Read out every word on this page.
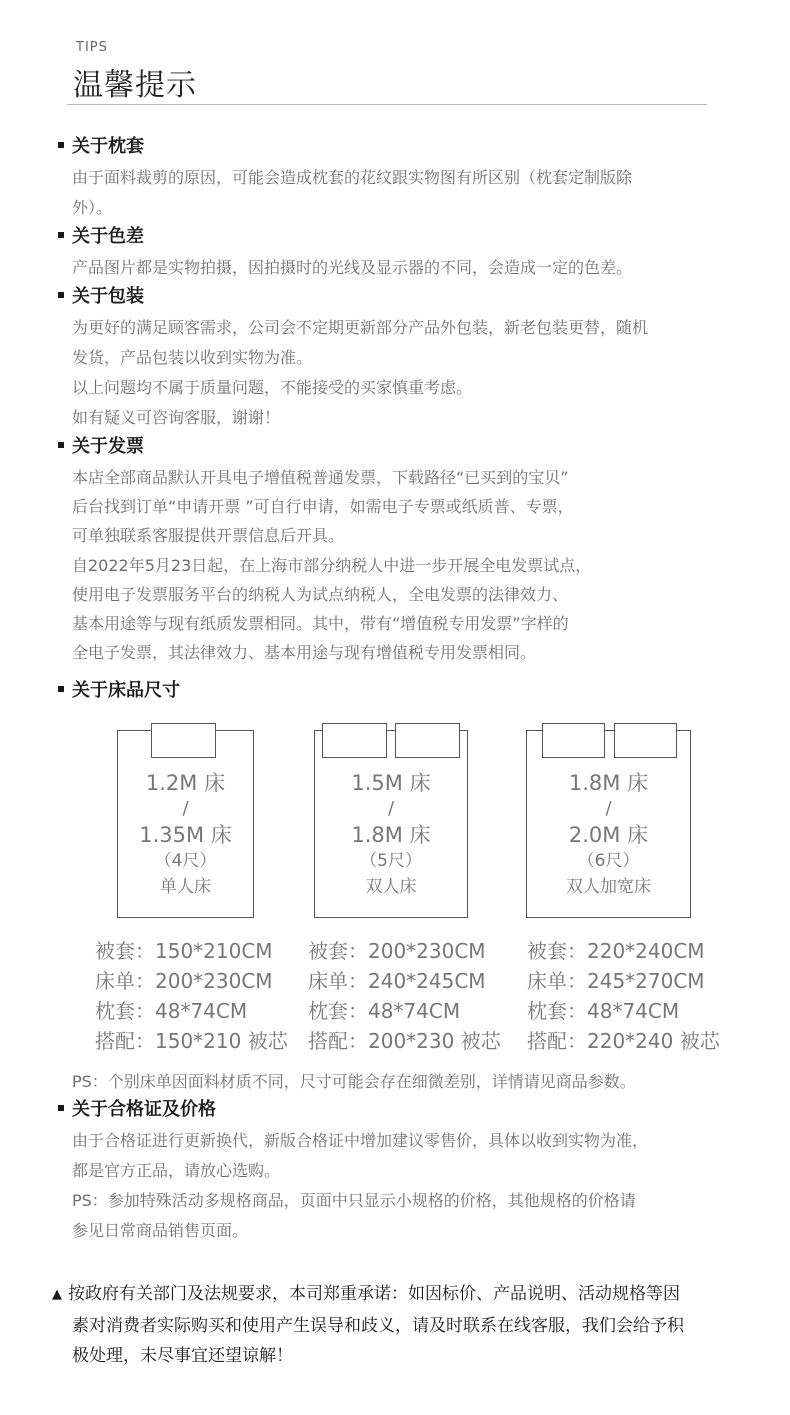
TIPS
温馨提示
关于枕套
由于面料裁剪的原因，可能会造成枕套的花纹跟实物图有所区别（枕套定制版除
外）。
关于色差
产品图片都是实物拍摄，因拍摄时的光线及显示器的不同，会造成一定的色差。
关于包装
为更好的满足顾客需求，公司会不定期更新部分产品外包装，新老包装更替，随机
发货，产品包装以收到实物为准。
以上问题均不属于质量问题，不能接受的买家慎重考虑。
如有疑义可咨询客服，谢谢！
关于发票
本店全部商品默认开具电子增值税普通发票，下载路径“已买到的宝贝”
后台找到订单“申请开票 ”可自行申请，如需电子专票或纸质普、专票，
可单独联系客服提供开票信息后开具。
自2022年5月23日起，在上海市部分纳税人中进一步开展全电发票试点，
使用电子发票服务平台的纳税人为试点纳税人，全电发票的法律效力、
基本用途等与现有纸质发票相同。其中，带有“增值税专用发票”字样的
全电子发票，其法律效力、基本用途与现有增值税专用发票相同。
关于床品尺寸
1.2M 床
/
1.35M 床
（4尺）
单人床
1.5M 床
/
1.8M 床
（5尺）
双人床
1.8M 床
/
2.0M 床
（6尺）
双人加宽床
被套：150*210CM
床单：200*230CM
枕套：48*74CM
搭配：150*210 被芯
被套：200*230CM
床单：240*245CM
枕套：48*74CM
搭配：200*230 被芯
被套：220*240CM
床单：245*270CM
枕套：48*74CM
搭配：220*240 被芯
PS：个别床单因面料材质不同，尺寸可能会存在细微差别，详情请见商品参数。
关于合格证及价格
由于合格证进行更新换代，新版合格证中增加建议零售价，具体以收到实物为准，
都是官方正品，请放心选购。
PS：参加特殊活动多规格商品，页面中只显示小规格的价格，其他规格的价格请
参见日常商品销售页面。
▲ 按政府有关部门及法规要求，本司郑重承诺：如因标价、产品说明、活动规格等因
素对消费者实际购买和使用产生误导和歧义，请及时联系在线客服，我们会给予积
极处理，未尽事宜还望谅解！
